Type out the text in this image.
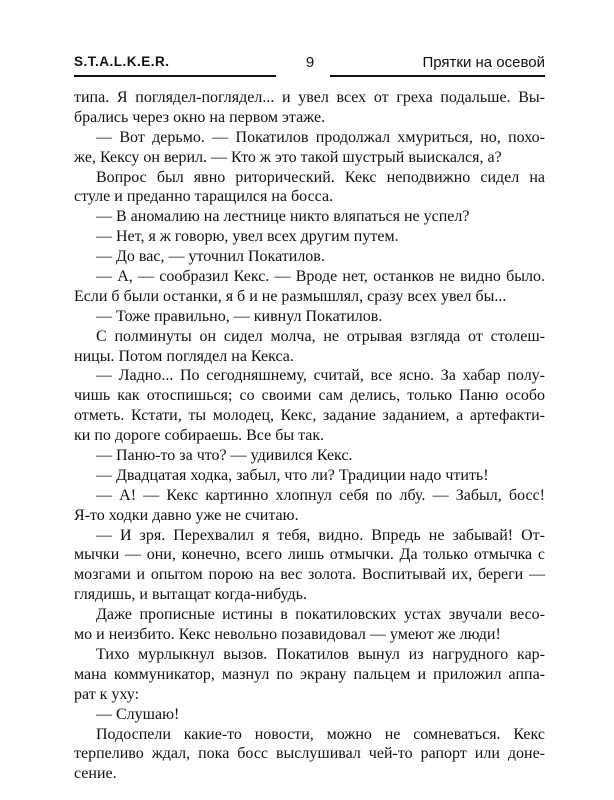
S.T.A.L.K.E.R.	9	Прятки на осевой
типа. Я поглядел-поглядел... и увел всех от греха подальше. Вы-
брались через окно на первом этаже.
— Вот дерьмо. — Покатилов продолжал хмуриться, но, похо-
же, Кексу он верил. — Кто ж это такой шустрый выискался, а?
Вопрос был явно риторический. Кекс неподвижно сидел на
стуле и преданно таращился на босса.
— В аномалию на лестнице никто вляпаться не успел?
— Нет, я ж говорю, увел всех другим путем.
— До вас, — уточнил Покатилов.
— А, — сообразил Кекс. — Вроде нет, останков не видно было.
Если б были останки, я б и не размышлял, сразу всех увел бы...
— Тоже правильно, — кивнул Покатилов.
С полминуты он сидел молча, не отрывая взгляда от столеш-
ницы. Потом поглядел на Кекса.
— Ладно... По сегодняшнему, считай, все ясно. За хабар полу-
чишь как отоспишься; со своими сам делись, только Паню особо
отметь. Кстати, ты молодец, Кекс, задание заданием, а артефакти-
ки по дороге собираешь. Все бы так.
— Паню-то за что? — удивился Кекс.
— Двадцатая ходка, забыл, что ли? Традиции надо чтить!
— А! — Кекс картинно хлопнул себя по лбу. — Забыл, босс!
Я-то ходки давно уже не считаю.
— И зря. Перехвалил я тебя, видно. Впредь не забывай! От-
мычки — они, конечно, всего лишь отмычки. Да только отмычка с
мозгами и опытом порою на вес золота. Воспитывай их, береги —
глядишь, и вытащат когда-нибудь.
Даже прописные истины в покатиловских устах звучали весо-
мо и неизбито. Кекс невольно позавидовал — умеют же люди!
Тихо мурлыкнул вызов. Покатилов вынул из нагрудного кар-
мана коммуникатор, мазнул по экрану пальцем и приложил аппа-
рат к уху:
— Слушаю!
Подоспели какие-то новости, можно не сомневаться. Кекс
терпеливо ждал, пока босс выслушивал чей-то рапорт или доне-
сение.
